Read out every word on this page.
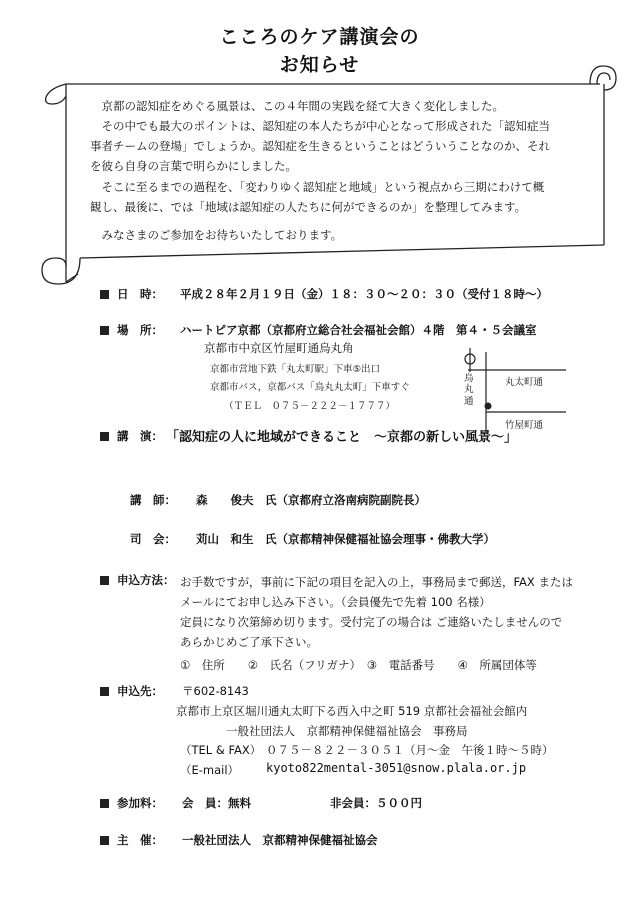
こころのケア講演会の
お知らせ

京都の認知症をめぐる風景は、この４年間の実践を経て大きく変化しました。

その中でも最大のポイントは、認知症の本人たちが中心となって形成された「認知症当

事者チームの登場」でしょうか。認知症を生きるということはどういうことなのか、それ

を彼ら自身の言葉で明らかにしました。

そこに至るまでの過程を、「変わりゆく認知症と地域」という視点から三期にわけて概

観し、最後に、では「地域は認知症の人たちに何ができるのか」を整理してみます。

みなさまのご参加をお待ちいたしております。

日　時： 平成２８年２月１９日（金）１８：３０～２０：３０（受付１８時～）
場　所： ハートピア京都（京都府立総合社会福祉会館）４階　第４・５会議室
京都市中京区竹屋町通烏丸角
京都市営地下鉄「丸太町駅」下車⑤出口
京都市バス，京都バス「烏丸丸太町」下車すぐ
（ＴＥＬ　０７５－２２２－１７７７）
烏丸通
丸太町通
竹屋町通
講　演： 「認知症の人に地域ができること　～京都の新しい風景～」
講　師： 森　　俊夫　氏（京都府立洛南病院副院長）
司　会： 苅山　和生　氏（京都精神保健福祉協会理事・佛教大学）
申込方法： お手数ですが，事前に下記の項目を記入の上，事務局まで郵送，FAX または
メールにてお申し込み下さい。（会員優先で先着 100 名様）
定員になり次第締め切ります。受付完了の場合は ご連絡いたしませんので
あらかじめご了承下さい。
①　住所　　②　氏名（フリガナ）　③　電話番号　　④　所属団体等
申込先： 〒602-8143
京都市上京区堀川通丸太町下る西入中之町 519 京都社会福祉会館内
一般社団法人　京都精神保健福祉協会　事務局
（TEL & FAX） ０７５－８２２－３０５１（月～金　午後１時～５時）
（E-mail） kyoto822mental-3051@snow.plala.or.jp
参加料： 会　員：無料	非会員：５００円
主　催： 一般社団法人　京都精神保健福祉協会
